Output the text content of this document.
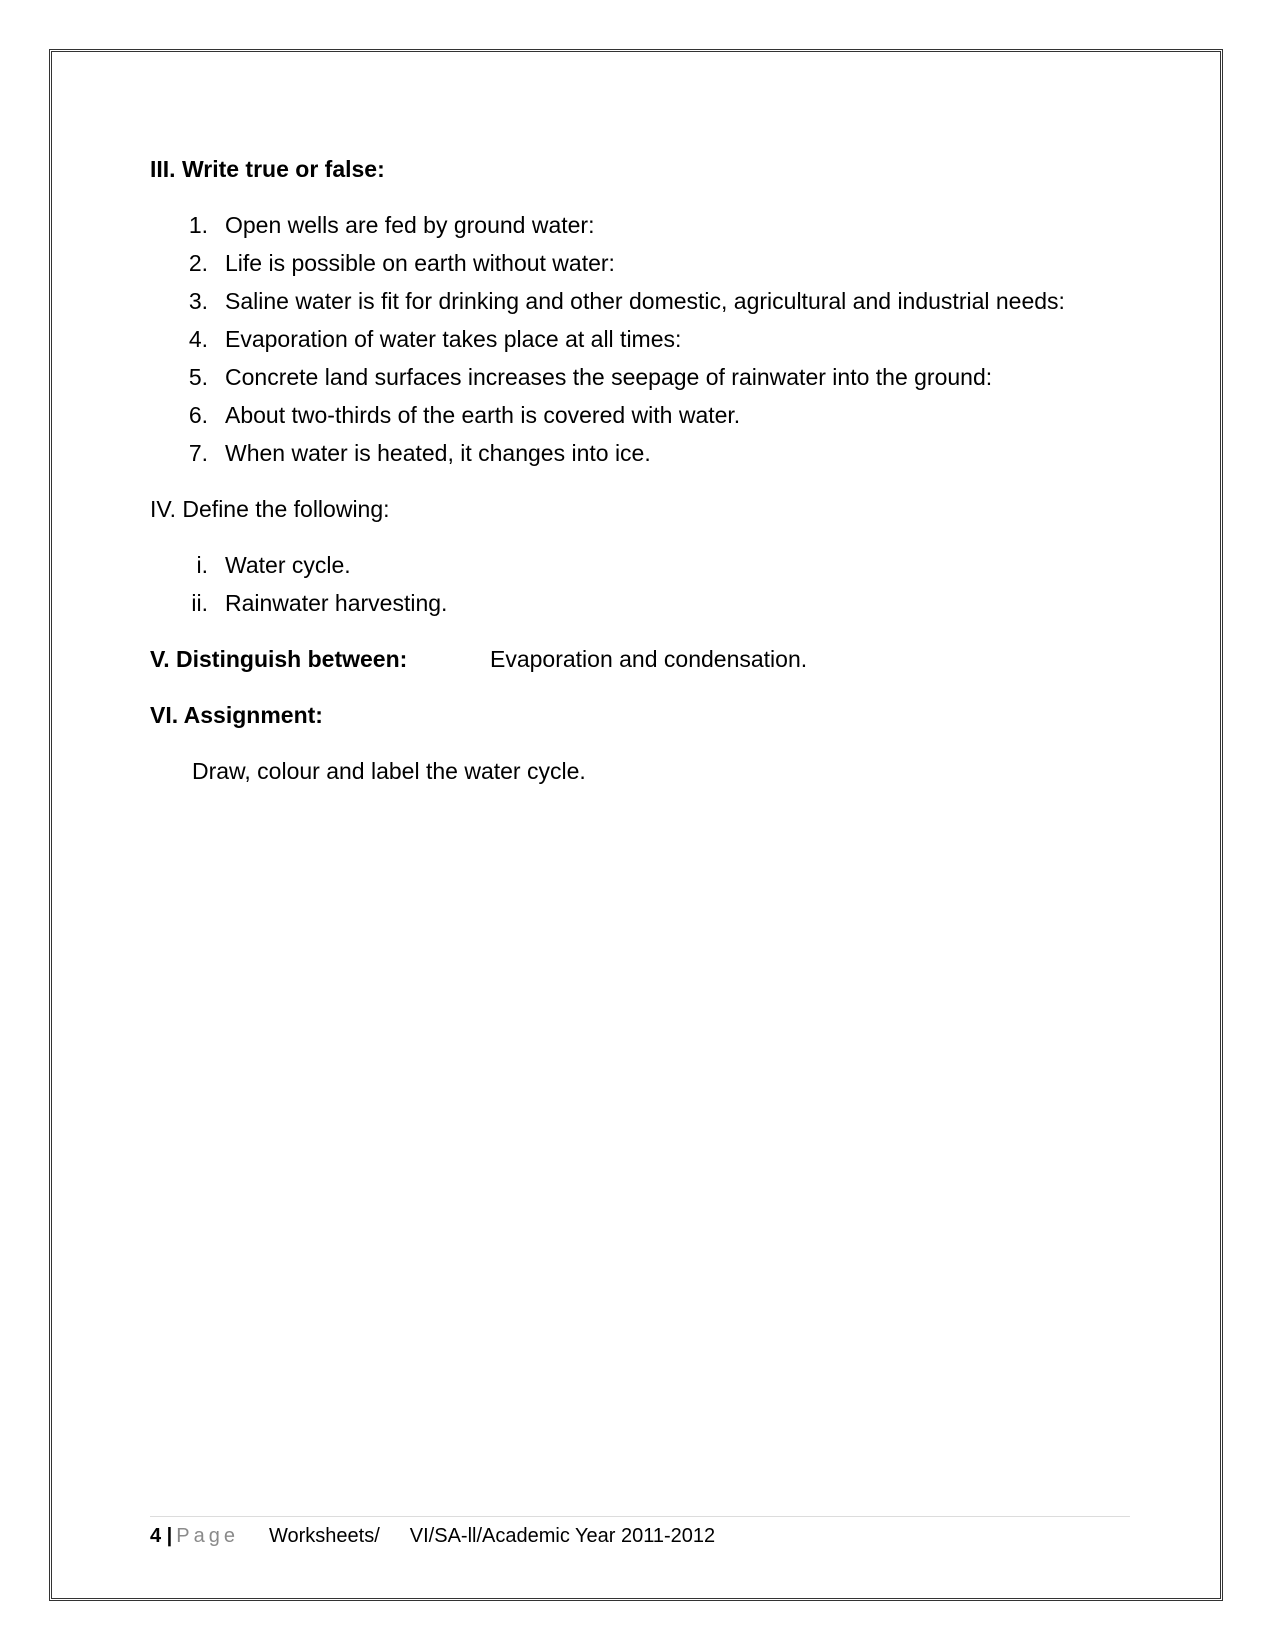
III. Write true or false:
1. Open wells are fed by ground water:
2. Life is possible on earth without water:
3. Saline water is fit for drinking and other domestic, agricultural and industrial needs:
4. Evaporation of water takes place at all times:
5. Concrete land surfaces increases the seepage of rainwater into the ground:
6. About two-thirds of the earth is covered with water.
7. When water is heated, it changes into ice.
IV. Define the following:
i. Water cycle.
ii. Rainwater harvesting.
V. Distinguish between:	Evaporation and condensation.
VI. Assignment:
Draw, colour and label the water cycle.
4 | Page Worksheets/ VI/SA-ll/Academic Year 2011-2012
